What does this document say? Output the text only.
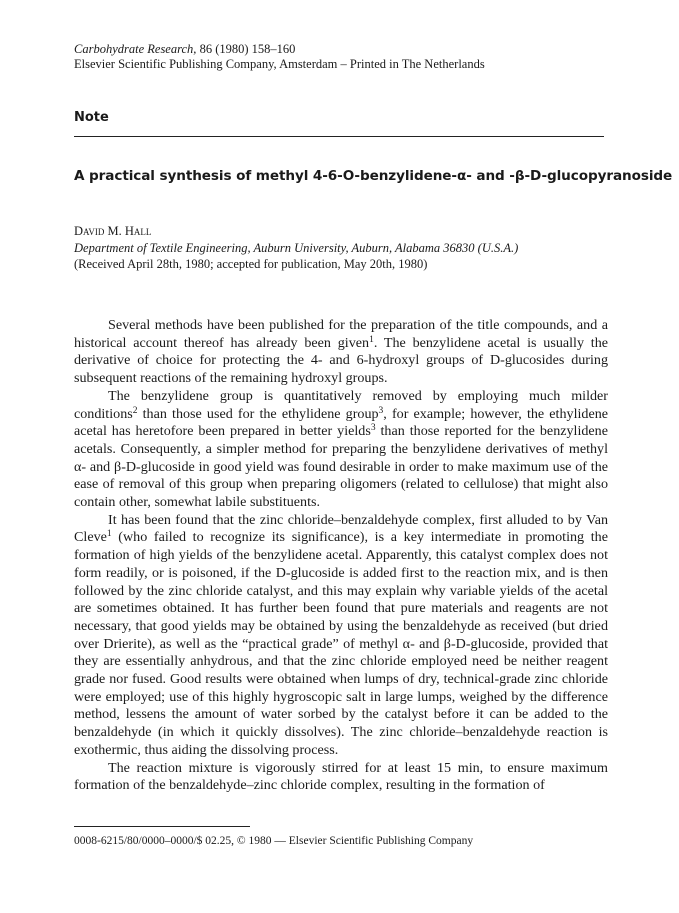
Carbohydrate Research, 86 (1980) 158–160
Elsevier Scientific Publishing Company, Amsterdam – Printed in The Netherlands
Note
A practical synthesis of methyl 4-6-O-benzylidene-α- and -β-D-glucopyranoside
David M. Hall
Department of Textile Engineering, Auburn University, Auburn, Alabama 36830 (U.S.A.)
(Received April 28th, 1980; accepted for publication, May 20th, 1980)

Several methods have been published for the preparation of the title compounds, and a historical account thereof has already been given$^1$. The benzylidene acetal is usually the derivative of choice for protecting the 4- and 6-hydroxyl groups of D-glucosides during subsequent reactions of the remaining hydroxyl groups.

The benzylidene group is quantitatively removed by employing much milder conditions$^2$ than those used for the ethylidene group$^3$, for example; however, the ethylidene acetal has heretofore been prepared in better yields$^3$ than those reported for the benzylidene acetals. Consequently, a simpler method for preparing the benzylidene derivatives of methyl α- and β-D-glucoside in good yield was found desirable in order to make maximum use of the ease of removal of this group when preparing oligomers (related to cellulose) that might also contain other, somewhat labile substituents.

It has been found that the zinc chloride–benzaldehyde complex, first alluded to by Van Cleve$^1$ (who failed to recognize its significance), is a key intermediate in promoting the formation of high yields of the benzylidene acetal. Apparently, this catalyst complex does not form readily, or is poisoned, if the D-glucoside is added first to the reaction mix, and is then followed by the zinc chloride catalyst, and this may explain why variable yields of the acetal are sometimes obtained. It has further been found that pure materials and reagents are not necessary, that good yields may be obtained by using the benzaldehyde as received (but dried over Drierite), as well as the “practical grade” of methyl α- and β-D-glucoside, provided that they are essentially anhydrous, and that the zinc chloride employed need be neither reagent grade nor fused. Good results were obtained when lumps of dry, technical-grade zinc chloride were employed; use of this highly hygroscopic salt in large lumps, weighed by the difference method, lessens the amount of water sorbed by the catalyst before it can be added to the benzaldehyde (in which it quickly dissolves). The zinc chloride–benzaldehyde reaction is exothermic, thus aiding the dissolving process.

The reaction mixture is vigorously stirred for at least 15 min, to ensure maximum formation of the benzaldehyde–zinc chloride complex, resulting in the formation of

0008-6215/80/0000–0000/$ 02.25, © 1980 — Elsevier Scientific Publishing Company
